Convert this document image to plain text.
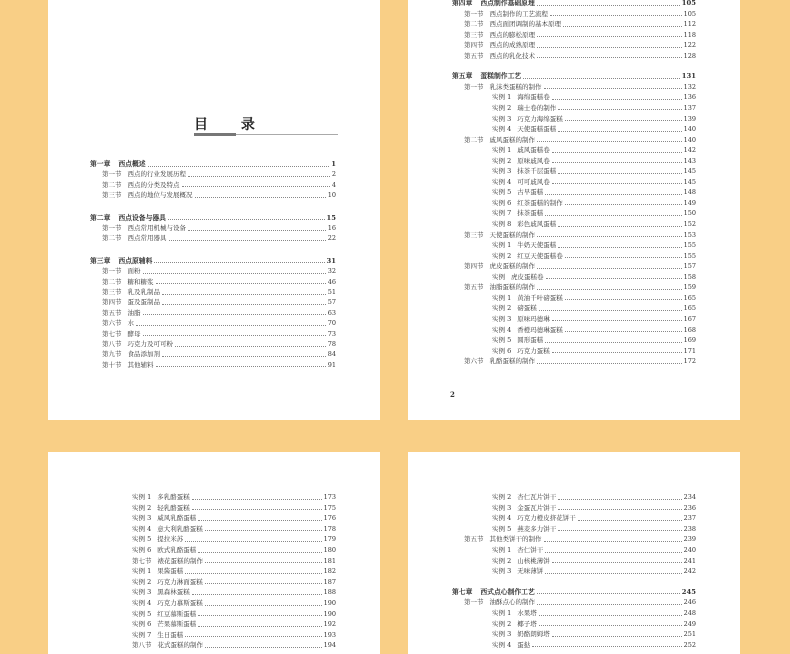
目 录
第一章 西点概述	1
第一节 西点的行业发展历程	2
第二节 西点的分类及特点	4
第三节 西点的地位与发展概况	10
第二章 西点设备与器具	15
第一节 西点常用机械与设备	16
第二节 西点常用器具	22
第三章 西点原辅料	31
第一节 面粉	32
第二节 糖和糖浆	46
第三节 乳及乳制品	51
第四节 蛋及蛋制品	57
第五节 油脂	63
第六节 水	70
第七节 酵母	73
第八节 巧克力及可可粉	78
第九节 食品添加剂	84
第十节 其他辅料	91
第四章 西点制作基础原理	105
第一节 西点制作的工艺流程	105
第二节 西点面团调制的基本原理	112
第三节 西点的膨松原理	118
第四节 西点的成熟原理	122
第五节 西点的乳化技术	128
第五章 蛋糕制作工艺	131
第一节 乳沫类蛋糕的制作	132
实例 1 海绵蛋糕卷	136
实例 2 瑞士卷的制作	137
实例 3 巧克力海绵蛋糕	139
实例 4 天使蛋糕蛋糕	140
第二节 戚风蛋糕的制作	140
实例 1 戚风蛋糕卷	142
实例 2 原味戚风卷	143
实例 3 抹茶千层蛋糕	145
实例 4 可可戚风卷	145
实例 5 古早蛋糕	148
实例 6 红茶蛋糕的制作	149
实例 7 抹茶蛋糕	150
实例 8 彩色戚风蛋糕	152
第三节 天使蛋糕的制作	153
实例 1 牛奶天使蛋糕	155
实例 2 红豆天使蛋糕卷	155
第四节 虎皮蛋糕的制作	157
实例 虎皮蛋糕卷	158
第五节 油脂蛋糕的制作	159
实例 1 黄油千叶磅蛋糕	165
实例 2 磅蛋糕	165
实例 3 原味玛德琳	167
实例 4 香橙玛德琳蛋糕	168
实例 5 圆形蛋糕	169
实例 6 巧克力蛋糕	171
第六节 乳酪蛋糕的制作	172
2
实例 1 多乳酪蛋糕	173
实例 2 轻乳酪蛋糕	175
实例 3 威风乳酪蛋糕	176
实例 4 意大利乳酪蛋糕	178
实例 5 提拉米苏	179
实例 6 欧式乳酪蛋糕	180
第七节 裱花蛋糕的制作	181
实例 1 果酱蛋糕	182
实例 2 巧克力淋面蛋糕	187
实例 3 黑森林蛋糕	188
实例 4 巧克力慕斯蛋糕	190
实例 5 红豆慕斯蛋糕	190
实例 6 芒果慕斯蛋糕	192
实例 7 生日蛋糕	193
第八节 花式蛋糕的制作	194
实例 2 杏仁瓦片饼干	234
实例 3 金蛋瓦片饼干	236
实例 4 巧克力橙皮挤花饼干	237
实例 5 燕麦多力饼干	238
第五节 其他类饼干的制作	239
实例 1 杏仁饼干	240
实例 2 山核桃薄饼	241
实例 3 无味薄饼	242
第七章 西式点心制作工艺	245
第一节 油酥点心的制作	246
实例 1 水果塔	248
实例 2 椰子塔	249
实例 3 奶酪朗姆塔	251
实例 4 蛋挞	252
